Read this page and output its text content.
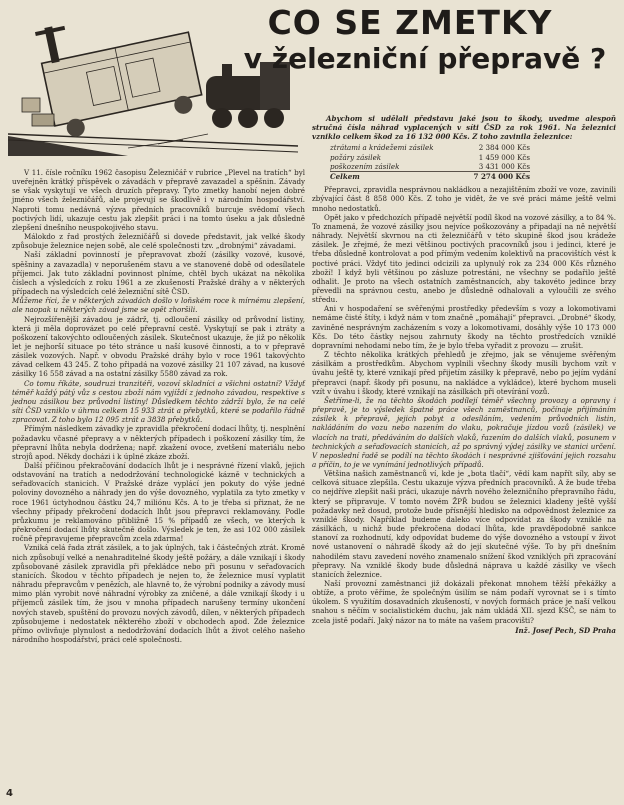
CO SE ZMETKY
v železniční přepravě ?

V 11. čísle ročníku 1962 časopisu Železničář v rubrice „Plevel na tratích“ byl uveřejněn krátký příspěvek o závadách v přepravě zavazadel a spěšnin. Závady se však vyskytují ve všech druzích přepravy. Tyto zmetky hanobí nejen dobré jméno všech železničářů, ale projevují se škodlivě i v národním hospodářství. Naproti tomu nedávná výzva předních pracovníků burcuje svědomí všech poctivých lidí, ukazuje cestu jak zlepšit práci i na tomto úseku a jak důsledně zlepšení dnešního neuspokojivého stavu.

Málokdo z řad prostých železničářů si dovede představit, jak velké škody způsobuje železnice nejen sobě, ale celé společnosti tzv. „drobnými“ závadami.

Naší základní povinností je přepravovat zboží (zásilky vozové, kusové, spěšniny a zavazadla) v neporušeném stavu a ve stanovené době od odesílatele příjemci. Jak tuto základní povinnost plníme, chtěl bych ukázat na několika číslech a výsledcích z roku 1961 a ze zkušeností Pražské dráhy a v některých případech na výsledcích celé železniční sítě ČSD.

Můžeme říci, že v některých závadách došlo v loňském roce k mírnému zlepšení, ale naopak u některých závad jsme se opět zhoršili.

Nejrozšířenější závadou je zádrž, tj. odloučení zásilky od průvodní listiny, která ji měla doprovázet po celé přepravní cestě. Vyskytují se pak i ztráty a poškození takovýchto odloučených zásilek. Skutečnost ukazuje, že již po několik let je nejhorší situace po této stránce u naší kusové činnosti, a to v přepravě zásilek vozových. Např. v obvodu Pražské dráhy bylo v roce 1961 takovýchto závad celkem 43 245. Z toho připadá na vozové zásilky 21 107 závad, na kusové zásilky 16 558 závad a na ostatní zásilky 5580 závad za rok.

Co tomu říkáte, soudruzi tranzitéři, vozoví skladníci a všichni ostatní? Vždyť téměř každý pátý vůz s cestou zboží nám vyjíždí z jednoho závadou, respektive s jednou zásilkou bez průvodní listiny! Důsledkem těchto zádrží bylo, že na celé síti ČSD vzniklo v úhrnu celkem 15 933 ztrát a přebytků, které se podařilo řádně zpracovat. Z toho bylo 12 095 ztrát a 3838 přebytků.

Přímým následkem závadky je zpravidla překročení dodací lhůty, tj. nesplnění požadavku včasné přepravy a v některých případech i poškození zásilky tím, že přepravní lhůta nebyla dodržena; např. zkažení ovoce, zvetšení materiálu nebo strojů apod. Někdy docházi i k úplné zkáze zboží.

Další příčinou překračování dodacích lhůt je i nesprávné řízení vlaků, jejich odstavování na tratích a nedodržování technologické kázně v technických a seřaďovacích stanicích. V Pražské dráze vyplácí jen pokuty do výše jedné poloviny dovozného a náhrady jen do výše dovozného, vyplatila za tyto zmetky v roce 1961 úctyhodnou částku 24,7 miliónu Kčs. A to je třeba si přiznat, že ne všechny případy překročení dodacích lhůt jsou přepravci reklamovány. Podle průzkumu je reklamováno přibližně 15 % případů ze všech, ve kterých k překročení dodací lhůty skutečně došlo. Výsledek je ten, že asi 102 000 zásilek ročně přepravujeme přepravcům zcela zdarma!

Vzniká celá řada ztrát zásilek, a to jak úplných, tak i částečných ztrát. Kromě nich způsobují velké a nenahraditelné škody ještě požáry, a dále vznikají i škody způsobované zásilek zpravidla při překládce nebo při posunu v seřaďovacích stanicích. Škodou v těchto případech je nejen to, že železnice musí vyplatit náhradu přepravcům v penězích, ale hlavně to, že výrobní podniky a závody musí mimo plán vyrobit nové náhradní výrobky za zničené, a dále vznikají škody i u příjemců zásilek tím, že jsou v mnoha případech narušeny termíny ukončení nových staveb, spuštění do provozu nových závodů, dílen, v některých případech způsobujeme i nedostatek některého zboží v obchodech apod. Zde železnice přímo ovlivňuje plynulost a nedodržování dodacích lhůt a život celého našeho národního hospodářství, práci celé společnosti.

Abychom si udělali představu jaké jsou to škody, uvedme alespoň stručná čísla náhrad vyplacených v síti ČSD za rok 1961. Na železnici vzniklo celkem škod za 16 132 000 Kčs. Z toho zavinila železnice:

ztrátami a krádežemi zásilek	2 384 000 Kčs
požáry zásilek	1 459 000 Kčs
poškozením zásilek	3 431 000 Kčs
Celkem	7 274 000 Kčs

Přepravci, zpravidla nesprávnou nakládkou a nezajištěním zboží ve voze, zavinili zbývající část 8 858 000 Kčs. Z toho je vidět, že ve své práci máme ještě velmi mnoho nedostatků.

Opět jako v předchozích případě největší podíl škod na vozové zásilky, a to 84 %. To znamená, že vozové zásilky jsou nejvíce poškozovány a připadají na ně největší náhrady. Největší skvrnou na cti železničářů v této skupině škod jsou krádeže zásilek. Je zřejmé, že mezi většinou poctivých pracovníků jsou i jedinci, které je třeba důsledně kontrolovat a pod přímým vedením kolektivů na pracovištích vést k poctivé práci. Vždyť tito jedinci odcizili za uplynulý rok za 234 000 Kčs různého zboží! I když byli většinou po zásluze potrestáni, ne všechny se podařilo ještě odhalit. Je proto na všech ostatních zaměstnancích, aby takovéto jedince brzy převedli na správnou cestu, anebo je důsledně odhalovali a vyloučili ze svého středu.

Ani v hospodaření se svěřenými prostředky především s vozy a lokomotivami nemáme čisté štíty, i když nám v tom značně „pomáhají“ přepravci. „Drobné“ škody, zaviněné nesprávným zacházením s vozy a lokomotivami, dosáhly výše 10 173 000 Kčs. Do této částky nejsou zahrnuty škody na těchto prostředcích vzniklé dopravními nehodami nebo tím, že je bylo třeba vyřadit z provozu — zrušit.

Z těchto několika krátkých přehledů je zřejmo, jak se věnujeme svěřeným zásilkám a prostředkům. Abychom vyplnili všechny škody musíli bychom vzít v úvahu ještě ty, které vznikají před přijetím zásilky k přepravě, nebo po jejím vydání přepravci (např. škody při posunu, na nakládce a vykládce), které bychom museli vzít v úvahu i škody, které vznikají na zásilkách při otevírání vozů.

Šetříme-li, že na těchto škodách podílejí téměř všechny provozy a opravny i přepravě, je to výsledek špatné práce všech zaměstnanců, počínaje přijímáním zásilek k přepravě, jejich pobyt a odesíláním, vedením průvodních listin, nakládáním do vozu nebo nazením do vlaku, pokračuje jízdou vozů (zásilek) ve vlacích na trati, předáváním do dalších vlaků, řazením do dalších vlaků, posunem v technických a seřaďovacích stanicích, až po správný výdej zásilky ve stanici určení. V neposlední řadě se podílí na těchto škodách i nesprávné zjišťování jejich rozsahu a příčin, to je ve vynímání jednotlivých případů.

Většina našich zaměstnanců ví, kde je „bota tlačí“, vědí kam napřít síly, aby se celková situace zlepšila. Cestu ukazuje výzva předních pracovníků. A že bude třeba co nejdříve zlepšit naši práci, ukazuje návrh nového železničního přepravního řádu, který se připravuje. V tomto novém ŽPŘ budou se železnici kladeny ještě vyšší požadavky než dosud, protože bude přísnější hledisko na odpovědnost železnice za vzniklé škody. Například budeme daleko více odpovídat za škody vzniklé na zásilkách, u nichž bude překročena dodací lhůta, kde pravděpodobně sankce stanoví za rozhodnutí, kdy odpovídat budeme do výše dovozného a vstoupí v život nové ustanovení o náhradě škody až do její skutečné výše. To by při dnešním nahodilém stavu zavedení nového znamenalo snížení škod vzniklých při zpracování přepravy. Na vzniklé škody bude důsledná náprava u každé zásilky ve všech stanicích železnice.

Naší provozní zaměstnanci již dokázali překonat mnohem těžší překážky a obtíže, a proto věříme, že společným úsilím se nám podaří vyrovnat se i s tímto úkolem. S využitím dosavadních zkušeností, v nových formách práce je naší velkou snahou s něčím v socialistickém duchu, jak nám ukládá XII. sjezd KSČ, se nám to zcela jistě podaří. Jaký názor na to máte na vašem pracovišti?

Inž. Josef Pech, SD Praha
4
